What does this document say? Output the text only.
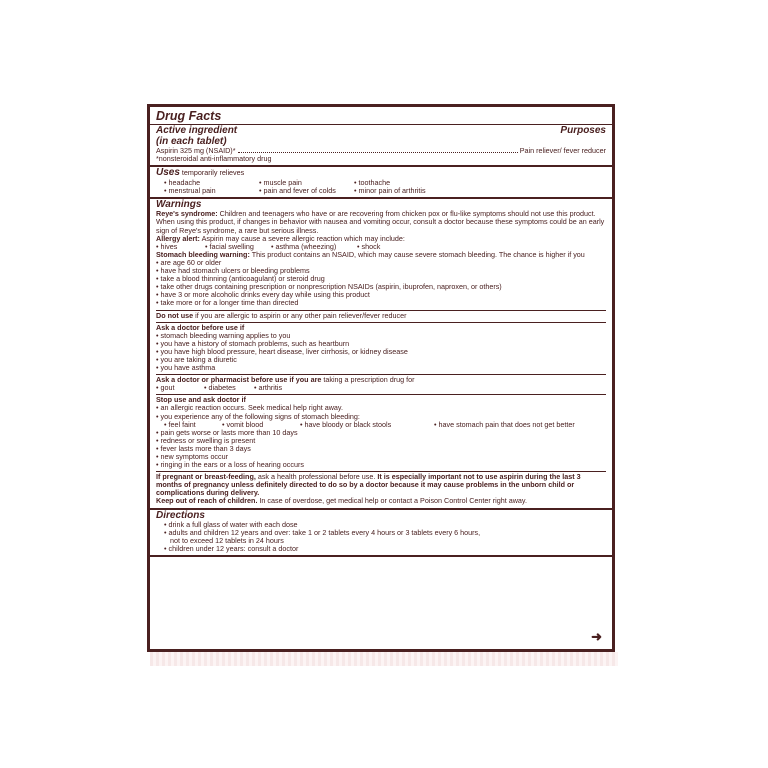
Drug Facts
Active ingredient	Purposes
(in each tablet)
Aspirin 325 mg (NSAID)*	Pain reliever/ fever reducer
*nonsteroidal anti-inflammatory drug
Uses temporarily relieves
• headache	• muscle pain	• toothache
• menstrual pain	• pain and fever of colds	• minor pain of arthritis
Warnings
Reye's syndrome: Children and teenagers who have or are recovering from chicken pox or flu-like symptoms should not use this product. When using this product, if changes in behavior with nausea and vomiting occur, consult a doctor because these symptoms could be an early sign of Reye's syndrome, a rare but serious illness.
Allergy alert: Aspirin may cause a severe allergic reaction which may include:
• hives	• facial swelling	• asthma (wheezing)	• shock
Stomach bleeding warning: This product contains an NSAID, which may cause severe stomach bleeding. The chance is higher if you
• are age 60 or older
• have had stomach ulcers or bleeding problems
• take a blood thinning (anticoagulant) or steroid drug
• take other drugs containing prescription or nonprescription NSAIDs (aspirin, ibuprofen, naproxen, or others)
• have 3 or more alcoholic drinks every day while using this product
• take more or for a longer time than directed
Do not use if you are allergic to aspirin or any other pain reliever/fever reducer
Ask a doctor before use if
• stomach bleeding warning applies to you
• you have a history of stomach problems, such as heartburn
• you have high blood pressure, heart disease, liver cirrhosis, or kidney disease
• you are taking a diuretic
• you have asthma
Ask a doctor or pharmacist before use if you are taking a prescription drug for
• gout	• diabetes	• arthritis
Stop use and ask doctor if
• an allergic reaction occurs. Seek medical help right away.
• you experience any of the following signs of stomach bleeding:
• feel faint	• vomit blood	• have bloody or black stools	• have stomach pain that does not get better
• pain gets worse or lasts more than 10 days
• redness or swelling is present
• fever lasts more than 3 days
• new symptoms occur
• ringing in the ears or a loss of hearing occurs
If pregnant or breast-feeding, ask a health professional before use. It is especially important not to use aspirin during the last 3 months of pregnancy unless definitely directed to do so by a doctor because it may cause problems in the unborn child or complications during delivery.
Keep out of reach of children. In case of overdose, get medical help or contact a Poison Control Center right away.
Directions
• drink a full glass of water with each dose
• adults and children 12 years and over: take 1 or 2 tablets every 4 hours or 3 tablets every 6 hours,
not to exceed 12 tablets in 24 hours
• children under 12 years: consult a doctor
➜
